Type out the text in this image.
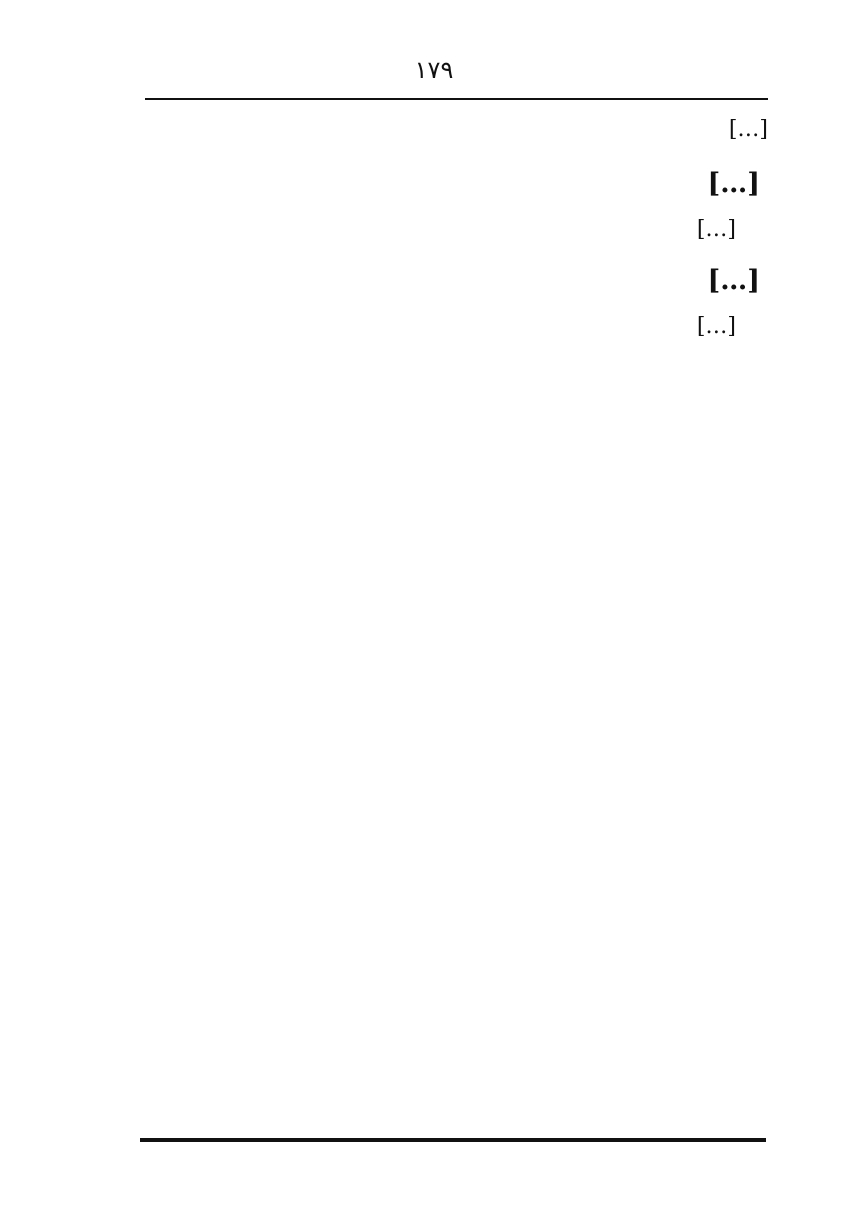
۱۷۹
[…]
[…]
[…]
[…]
[…]
